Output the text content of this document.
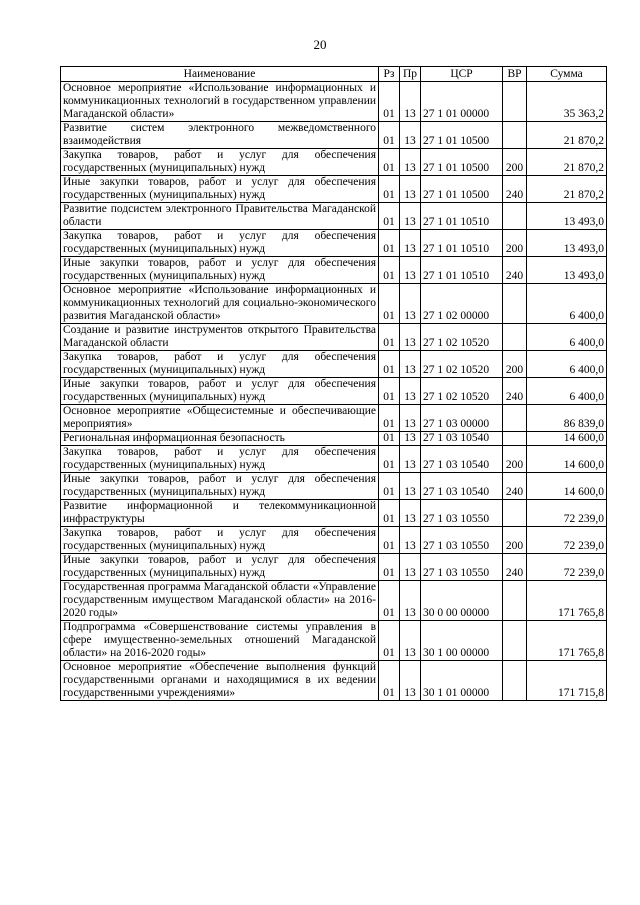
20
Наименование	Рз	Пр	ЦСР	ВР	Сумма
Основное мероприятие «Использование информационных и коммуникационных технологий в государственном управлении Магаданской области»	01	13	27 1 01 00000		35 363,2
Развитие систем электронного межведомственного взаимодействия	01	13	27 1 01 10500		21 870,2
Закупка товаров, работ и услуг для обеспечения государственных (муниципальных) нужд	01	13	27 1 01 10500	200	21 870,2
Иные закупки товаров, работ и услуг для обеспечения государственных (муниципальных) нужд	01	13	27 1 01 10500	240	21 870,2
Развитие подсистем электронного Правительства Магаданской области	01	13	27 1 01 10510		13 493,0
Закупка товаров, работ и услуг для обеспечения государственных (муниципальных) нужд	01	13	27 1 01 10510	200	13 493,0
Иные закупки товаров, работ и услуг для обеспечения государственных (муниципальных) нужд	01	13	27 1 01 10510	240	13 493,0
Основное мероприятие «Использование информационных и коммуникационных технологий для социально-экономического развития Магаданской области»	01	13	27 1 02 00000		6 400,0
Создание и развитие инструментов открытого Правительства Магаданской области	01	13	27 1 02 10520		6 400,0
Закупка товаров, работ и услуг для обеспечения государственных (муниципальных) нужд	01	13	27 1 02 10520	200	6 400,0
Иные закупки товаров, работ и услуг для обеспечения государственных (муниципальных) нужд	01	13	27 1 02 10520	240	6 400,0
Основное мероприятие «Общесистемные и обеспечивающие мероприятия»	01	13	27 1 03 00000		86 839,0
Региональная информационная безопасность	01	13	27 1 03 10540		14 600,0
Закупка товаров, работ и услуг для обеспечения государственных (муниципальных) нужд	01	13	27 1 03 10540	200	14 600,0
Иные закупки товаров, работ и услуг для обеспечения государственных (муниципальных) нужд	01	13	27 1 03 10540	240	14 600,0
Развитие информационной и телекоммуникационной инфраструктуры	01	13	27 1 03 10550		72 239,0
Закупка товаров, работ и услуг для обеспечения государственных (муниципальных) нужд	01	13	27 1 03 10550	200	72 239,0
Иные закупки товаров, работ и услуг для обеспечения государственных (муниципальных) нужд	01	13	27 1 03 10550	240	72 239,0
Государственная программа Магаданской области «Управление государственным имуществом Магаданской области» на 2016-2020 годы»	01	13	30 0 00 00000		171 765,8
Подпрограмма «Совершенствование системы управления в сфере имущественно-земельных отношений Магаданской области» на 2016-2020 годы»	01	13	30 1 00 00000		171 765,8
Основное мероприятие «Обеспечение выполнения функций государственными органами и находящимися в их ведении государственными учреждениями»	01	13	30 1 01 00000		171 715,8
